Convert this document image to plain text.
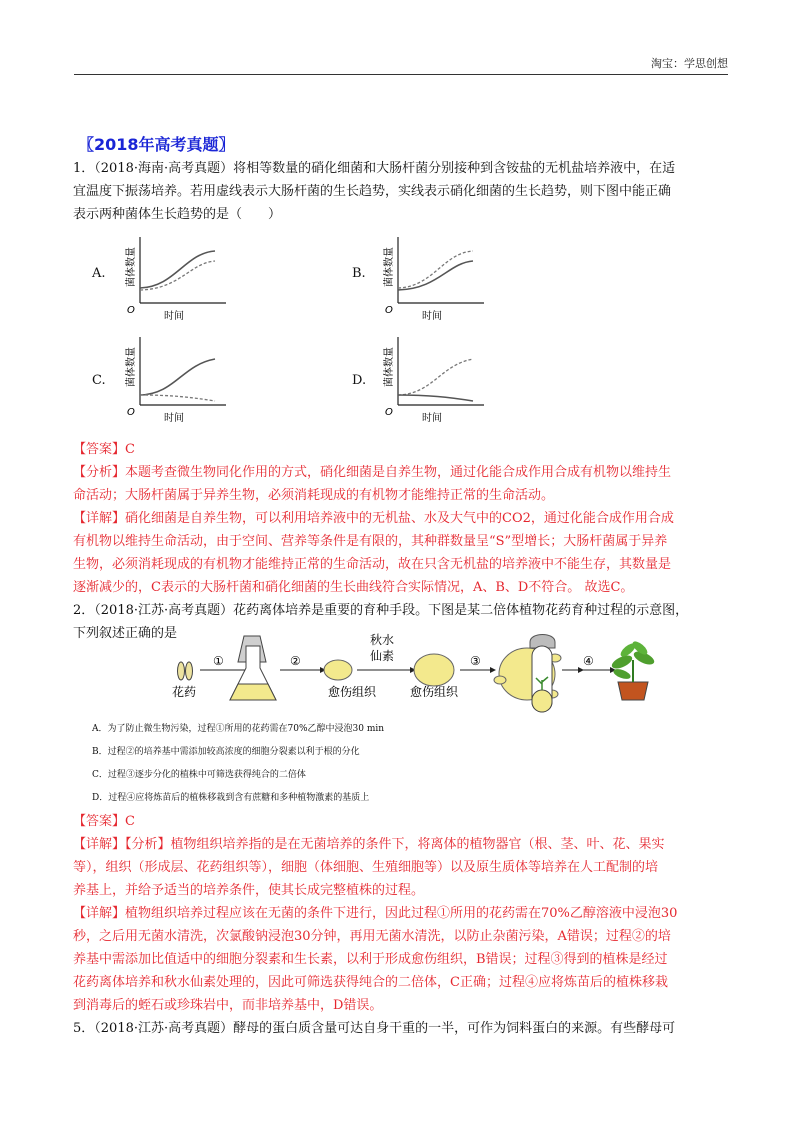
淘宝：学思创想
〖2018年高考真题〗
1．（2018·海南·高考真题）将相等数量的硝化细菌和大肠杆菌分别接种到含铵盐的无机盐培养液中，在适
宜温度下振荡培养。若用虚线表示大肠杆菌的生长趋势，实线表示硝化细菌的生长趋势，则下图中能正确
表示两种菌体生长趋势的是（　　）
A.
O
时间
菌体数量	B.
O
时间
菌体数量
C.
O
时间
菌体数量	D.
O
时间
菌体数量
【答案】C
【分析】本题考查微生物同化作用的方式，硝化细菌是自养生物，通过化能合成作用合成有机物以维持生
命活动；大肠杆菌属于异养生物，必须消耗现成的有机物才能维持正常的生命活动。
【详解】硝化细菌是自养生物，可以利用培养液中的无机盐、水及大气中的CO2，通过化能合成作用合成
有机物以维持生命活动，由于空间、营养等条件是有限的，其种群数量呈“S”型增长；大肠杆菌属于异养
生物，必须消耗现成的有机物才能维持正常的生命活动，故在只含无机盐的培养液中不能生存，其数量是
逐渐减少的，C表示的大肠杆菌和硝化细菌的生长曲线符合实际情况，A、B、D不符合。 故选C。
2．（2018·江苏·高考真题）花药离体培养是重要的育种手段。下图是某二倍体植物花药育种过程的示意图，
下列叙述正确的是
花药
①	②
愈伤组织
秋水
仙素
愈伤组织
③	④
A．为了防止微生物污染，过程①所用的花药需在70%乙醇中浸泡30 min
B．过程②的培养基中需添加较高浓度的细胞分裂素以利于根的分化
C．过程③逐步分化的植株中可筛选获得纯合的二倍体
D．过程④应将炼苗后的植株移栽到含有蔗糖和多种植物激素的基质上
【答案】C
【详解】【分析】植物组织培养指的是在无菌培养的条件下，将离体的植物器官（根、茎、叶、花、果实
等），组织（形成层、花药组织等），细胞（体细胞、生殖细胞等）以及原生质体等培养在人工配制的培
养基上，并给予适当的培养条件，使其长成完整植株的过程。
【详解】植物组织培养过程应该在无菌的条件下进行，因此过程①所用的花药需在70%乙醇溶液中浸泡30
秒，之后用无菌水清洗，次氯酸钠浸泡30分钟，再用无菌水清洗，以防止杂菌污染，A错误；过程②的培
养基中需添加比值适中的细胞分裂素和生长素，以利于形成愈伤组织，B错误；过程③得到的植株是经过
花药离体培养和秋水仙素处理的，因此可筛选获得纯合的二倍体，C正确；过程④应将炼苗后的植株移栽
到消毒后的蛭石或珍珠岩中，而非培养基中，D错误。
5．（2018·江苏·高考真题）酵母的蛋白质含量可达自身干重的一半，可作为饲料蛋白的来源。有些酵母可
